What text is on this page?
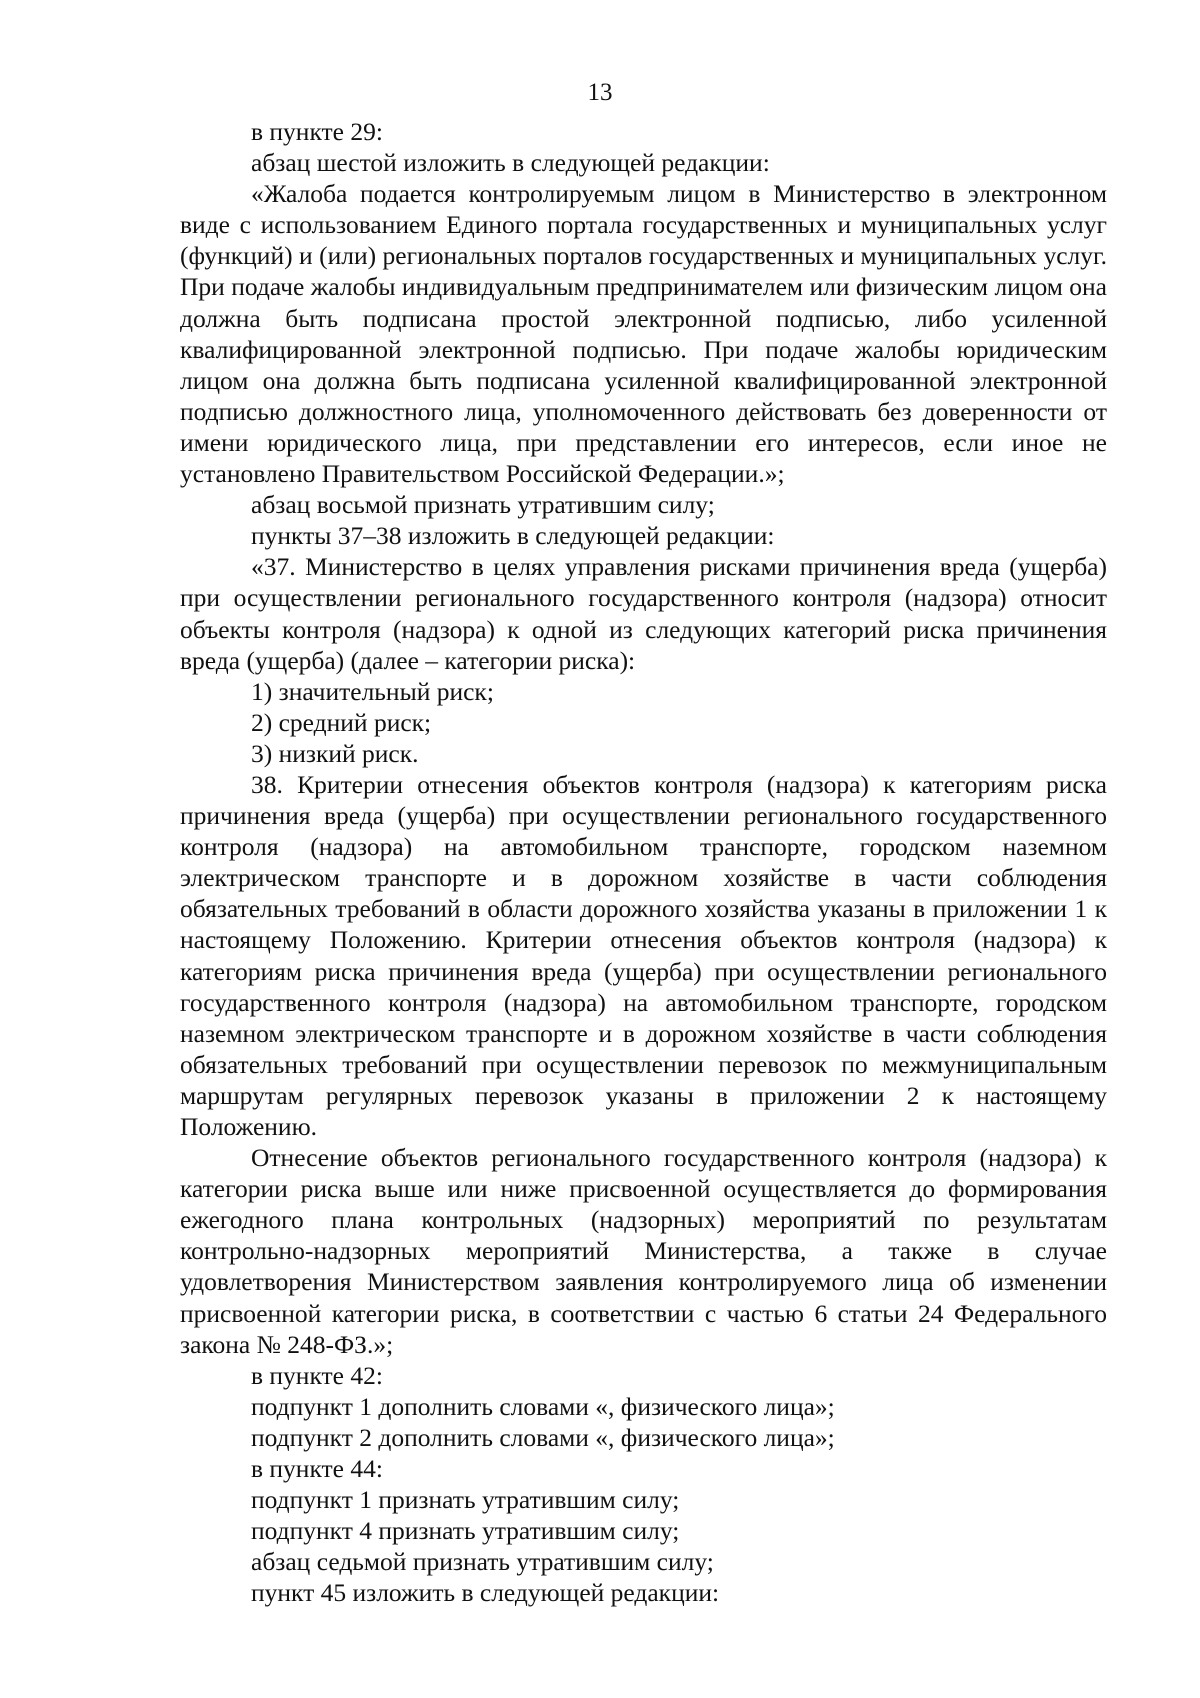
13

в пункте 29:

абзац шестой изложить в следующей редакции:

«Жалоба подается контролируемым лицом в Министерство в электронном виде с использованием Единого портала государственных и муниципальных услуг (функций) и (или) региональных порталов государственных и муниципальных услуг. При подаче жалобы индивидуальным предпринимателем или физическим лицом она должна быть подписана простой электронной подписью, либо усиленной квалифицированной электронной подписью. При подаче жалобы юридическим лицом она должна быть подписана усиленной квалифицированной электронной подписью должностного лица, уполномоченного действовать без доверенности от имени юридического лица, при представлении его интересов, если иное не установлено Правительством Российской Федерации.»;

абзац восьмой признать утратившим силу;

пункты 37–38 изложить в следующей редакции:

«37. Министерство в целях управления рисками причинения вреда (ущерба) при осуществлении регионального государственного контроля (надзора) относит объекты контроля (надзора) к одной из следующих категорий риска причинения вреда (ущерба) (далее – категории риска):

1) значительный риск;

2) средний риск;

3) низкий риск.

38. Критерии отнесения объектов контроля (надзора) к категориям риска причинения вреда (ущерба) при осуществлении регионального государственного контроля (надзора) на автомобильном транспорте, городском наземном электрическом транспорте и в дорожном хозяйстве в части соблюдения обязательных требований в области дорожного хозяйства указаны в приложении 1 к настоящему Положению. Критерии отнесения объектов контроля (надзора) к категориям риска причинения вреда (ущерба) при осуществлении регионального государственного контроля (надзора) на автомобильном транспорте, городском наземном электрическом транспорте и в дорожном хозяйстве в части соблюдения обязательных требований при осуществлении перевозок по межмуниципальным маршрутам регулярных перевозок указаны в приложении 2 к настоящему Положению.

Отнесение объектов регионального государственного контроля (надзора) к категории риска выше или ниже присвоенной осуществляется до формирования ежегодного плана контрольных (надзорных) мероприятий по результатам контрольно-надзорных мероприятий Министерства, а также в случае удовлетворения Министерством заявления контролируемого лица об изменении присвоенной категории риска, в соответствии с частью 6 статьи 24 Федерального закона № 248-ФЗ.»;

в пункте 42:

подпункт 1 дополнить словами «, физического лица»;

подпункт 2 дополнить словами «, физического лица»;

в пункте 44:

подпункт 1 признать утратившим силу;

подпункт 4 признать утратившим силу;

абзац седьмой признать утратившим силу;

пункт 45 изложить в следующей редакции:
